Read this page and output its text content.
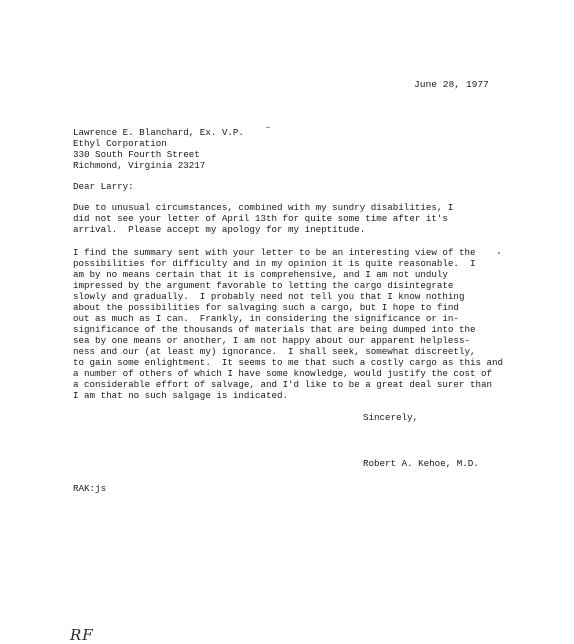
June 28, 1977
Lawrence E. Blanchard, Ex. V.P.
Ethyl Corporation
330 South Fourth Street
Richmond, Virginia 23217
Dear Larry:
Due to unusual circumstances, combined with my sundry disabilities, I
did not see your letter of April 13th for quite some time after it's
arrival.  Please accept my apology for my ineptitude.
I find the summary sent with your letter to be an interesting view of the
possibilities for difficulty and in my opinion it is quite reasonable.  I
am by no means certain that it is comprehensive, and I am not unduly
impressed by the argument favorable to letting the cargo disintegrate
slowly and gradually.  I probably need not tell you that I know nothing
about the possibilities for salvaging such a cargo, but I hope to find
out as much as I can.  Frankly, in considering the significance or in-
significance of the thousands of materials that are being dumped into the
sea by one means or another, I am not happy about our apparent helpless-
ness and our (at least my) ignorance.  I shall seek, somewhat discreetly,
to gain some enlightment.  It seems to me that such a costly cargo as this and
a number of others of which I have some knowledge, would justify the cost of
a considerable effort of salvage, and I'd like to be a great deal surer than
I am that no such salgage is indicated.
Sincerely,
Robert A. Kehoe, M.D.
RAK:js
RF
